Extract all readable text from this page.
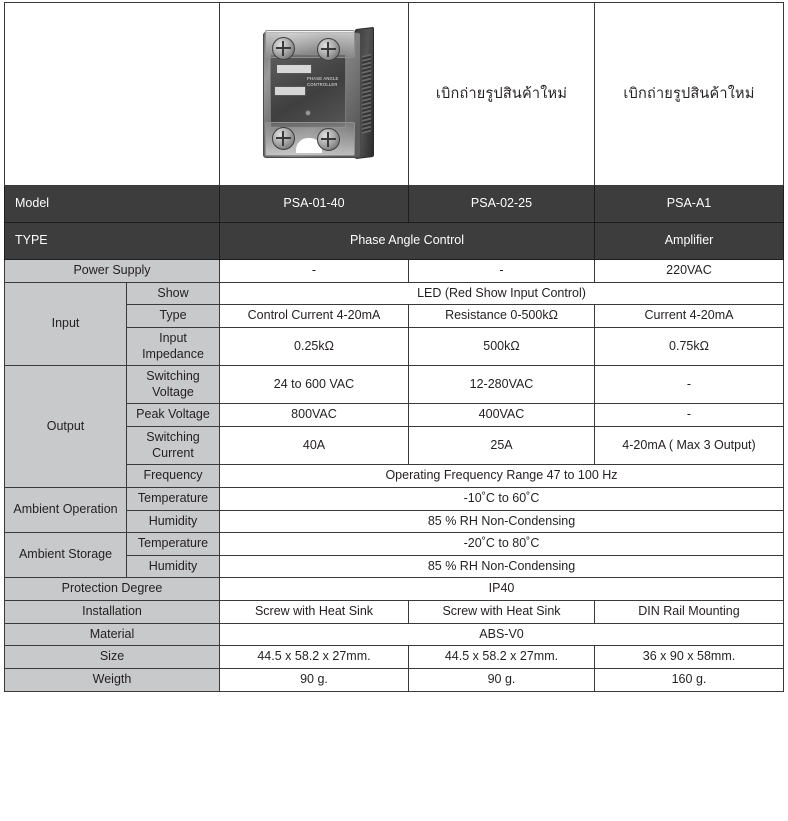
		PHASE ANGLE CONTROLLER	เบิกถ่ายรูปสินค้าใหม่	เบิกถ่ายรูปสินค้าใหม่
Model		PSA-01-40	PSA-02-25	PSA-A1
TYPE		Phase Angle Control		Amplifier
Power Supply		-	-	220VAC
Input	Show	LED (Red Show Input Control)		
	Type	Control Current 4-20mA	Resistance 0-500kΩ	Current 4-20mA
	Input Impedance	0.25kΩ	500kΩ	0.75kΩ
Output	Switching Voltage	24 to 600 VAC	12-280VAC	-
	Peak Voltage	800VAC	400VAC	-
	Switching Current	40A	25A	4-20mA ( Max 3 Output)
	Frequency	Operating Frequency Range 47 to 100 Hz		
Ambient Operation	Temperature	-10˚C to 60˚C		
	Humidity	85 % RH Non-Condensing		
Ambient Storage	Temperature	-20˚C to 80˚C		
	Humidity	85 % RH Non-Condensing		
Protection Degree		IP40		
Installation		Screw with Heat Sink	Screw with Heat Sink	DIN Rail Mounting
Material		ABS-V0		
Size		44.5 x 58.2 x 27mm.	44.5 x 58.2 x 27mm.	36 x 90 x 58mm.
Weigth		90 g.	90 g.	160 g.
